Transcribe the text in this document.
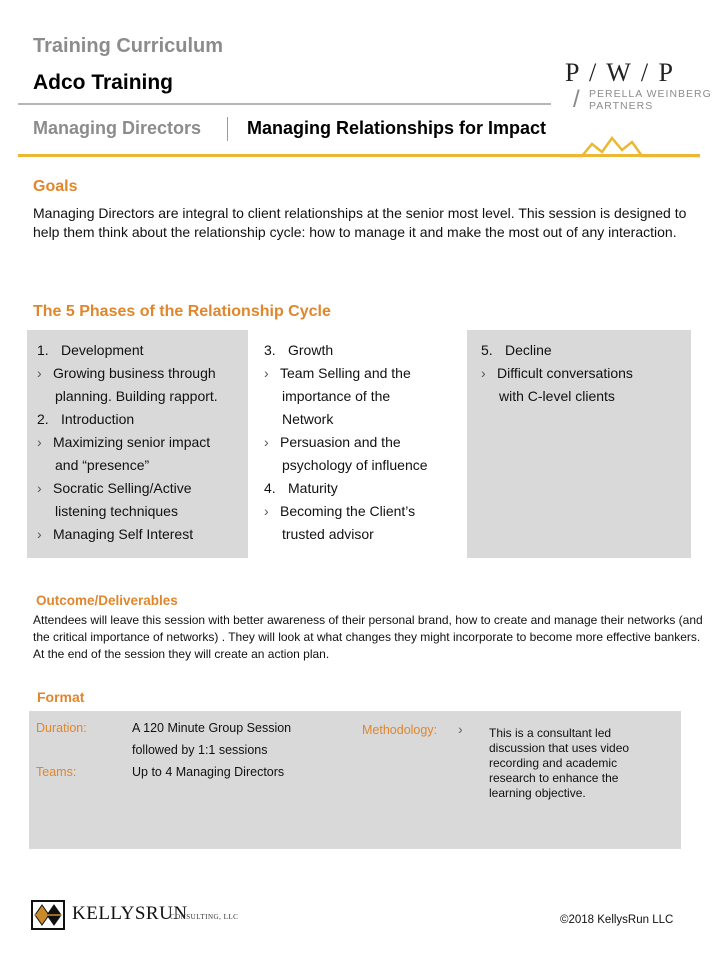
Training Curriculum
Adco Training
Managing Directors	Managing Relationships for Impact
P / W / P
/ PERELLA WEINBERG
PARTNERS
Goals

Managing Directors are integral to client relationships at the senior most level. This session is designed to help them think about the relationship cycle: how to manage it and make the most out of any interaction.

The 5 Phases of the Relationship Cycle
1. Development
› Growing business through
planning. Building rapport.
2. Introduction
› Maximizing senior impact
and “presence”
› Socratic Selling/Active
listening techniques
› Managing Self Interest
3. Growth
› Team Selling and the
importance of the
Network
› Persuasion and the
psychology of influence
4. Maturity
› Becoming the Client’s
trusted advisor
5. Decline
› Difficult conversations
with C-level clients
Outcome/Deliverables

Attendees will leave this session with better awareness of their personal brand, how to create and manage their networks (and the critical importance of networks) . They will look at what changes they might incorporate to become more effective bankers. At the end of the session they will create an action plan.

Format
Duration:	A 120 Minute Group Session
followed by 1:1 sessions
Teams:	Up to 4 Managing Directors
Methodology: › This is a consultant led discussion that uses video recording and academic research to enhance the learning objective.
KELLYSRUN
CONSULTING, LLC	©2018 KellysRun LLC
